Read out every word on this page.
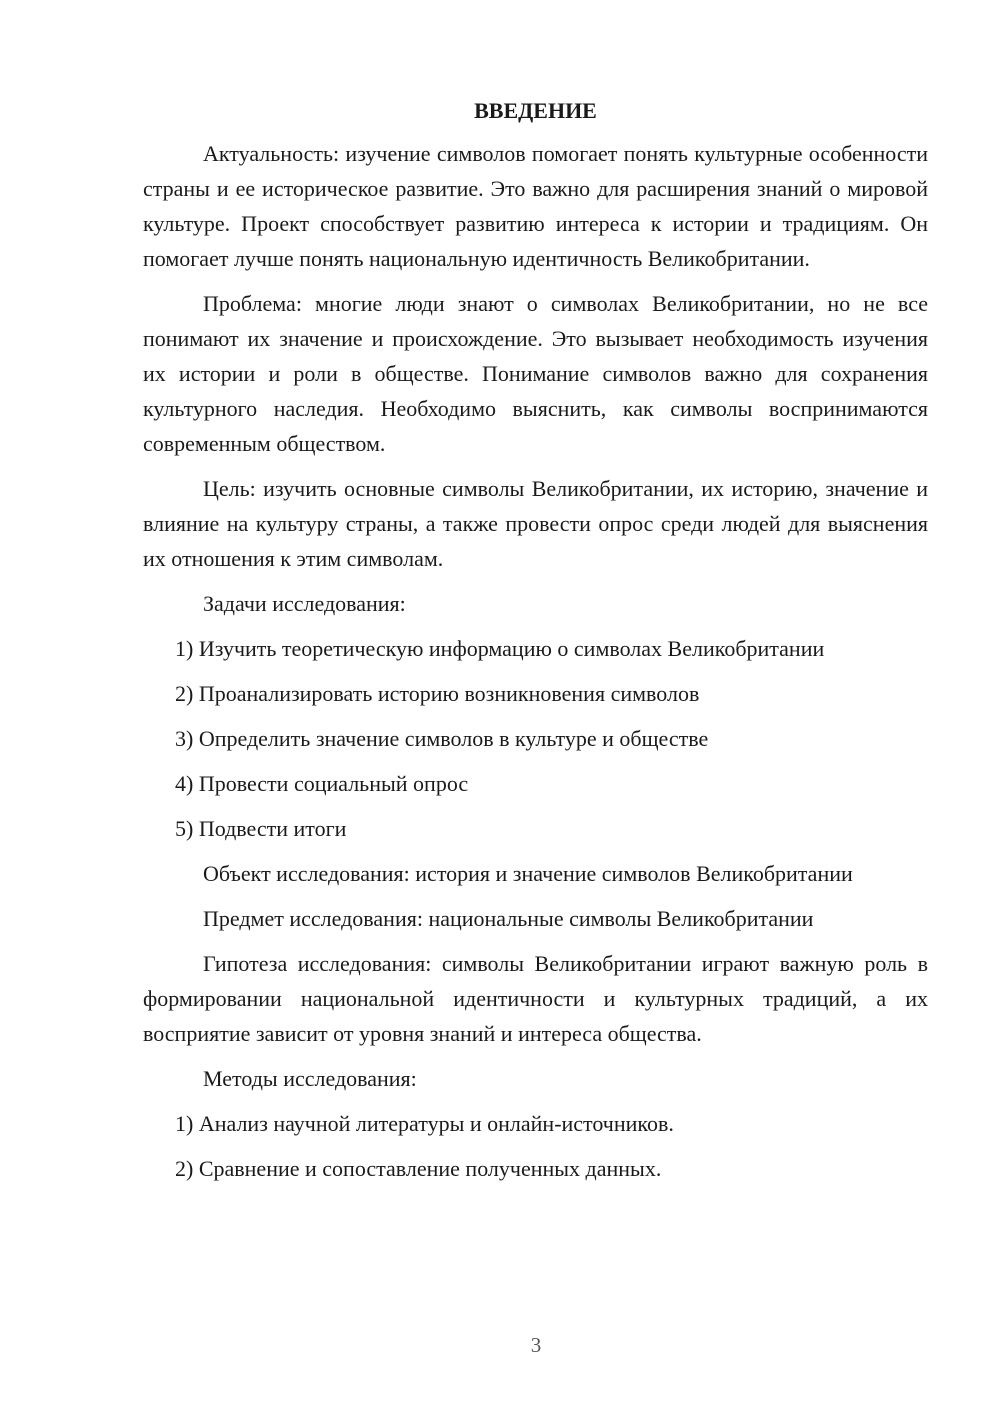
ВВЕДЕНИЕ

Актуальность: изучение символов помогает понять культурные особенности страны и ее историческое развитие. Это важно для расширения знаний о мировой культуре. Проект способствует развитию интереса к истории и традициям. Он помогает лучше понять национальную идентичность Великобритании.

Проблема: многие люди знают о символах Великобритании, но не все понимают их значение и происхождение. Это вызывает необходимость изучения их истории и роли в обществе. Понимание символов важно для сохранения культурного наследия. Необходимо выяснить, как символы воспринимаются современным обществом.

Цель: изучить основные символы Великобритании, их историю, значение и влияние на культуру страны, а также провести опрос среди людей для выяснения их отношения к этим символам.

Задачи исследования:

1) Изучить теоретическую информацию о символах Великобритании
2) Проанализировать историю возникновения символов
3) Определить значение символов в культуре и обществе
4) Провести социальный опрос
5) Подвести итоги

Объект исследования: история и значение символов Великобритании

Предмет исследования: национальные символы Великобритании

Гипотеза исследования: символы Великобритании играют важную роль в формировании национальной идентичности и культурных традиций, а их восприятие зависит от уровня знаний и интереса общества.

Методы исследования:

1) Анализ научной литературы и онлайн-источников.
2) Сравнение и сопоставление полученных данных.
3
